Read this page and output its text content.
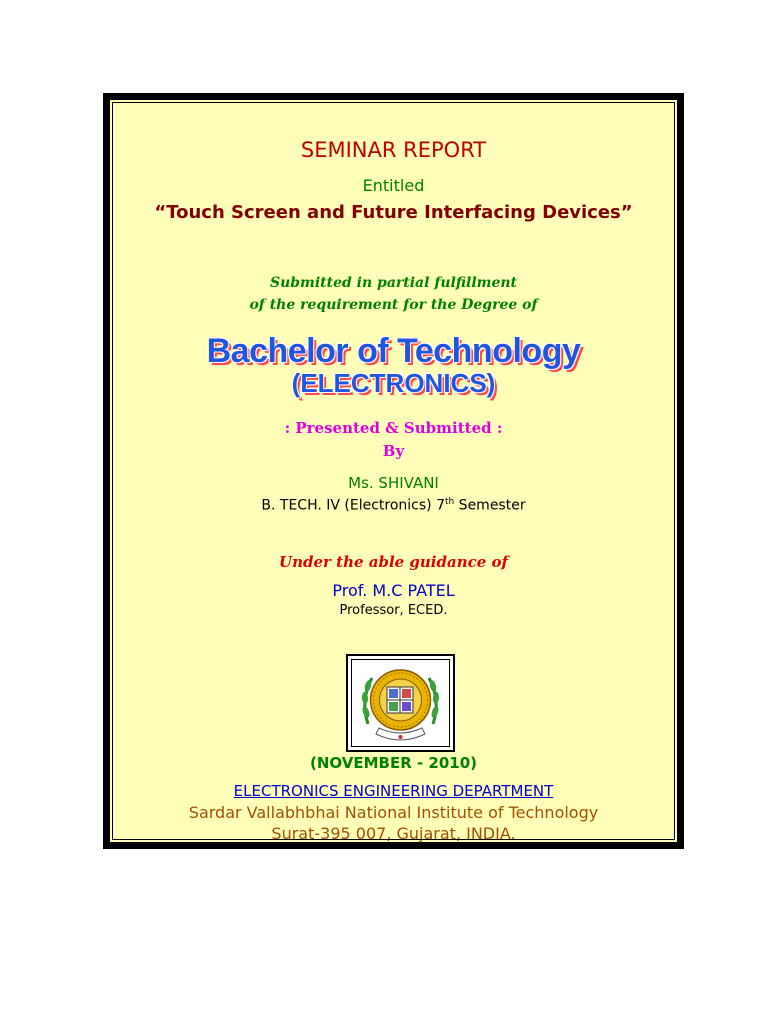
SEMINAR REPORT

Entitled

“Touch Screen and Future Interfacing Devices”

Submitted in partial fulfillment

of the requirement for the Degree of

Bachelor of Technology

(ELECTRONICS)

: Presented & Submitted :

By

Ms. SHIVANI

B. TECH. IV (Electronics) 7th Semester

Under the able guidance of

Prof. M.C PATEL

Professor, ECED.

(NOVEMBER - 2010)

ELECTRONICS ENGINEERING DEPARTMENT

Sardar Vallabhbhai National Institute of Technology

Surat-395 007, Gujarat, INDIA.
